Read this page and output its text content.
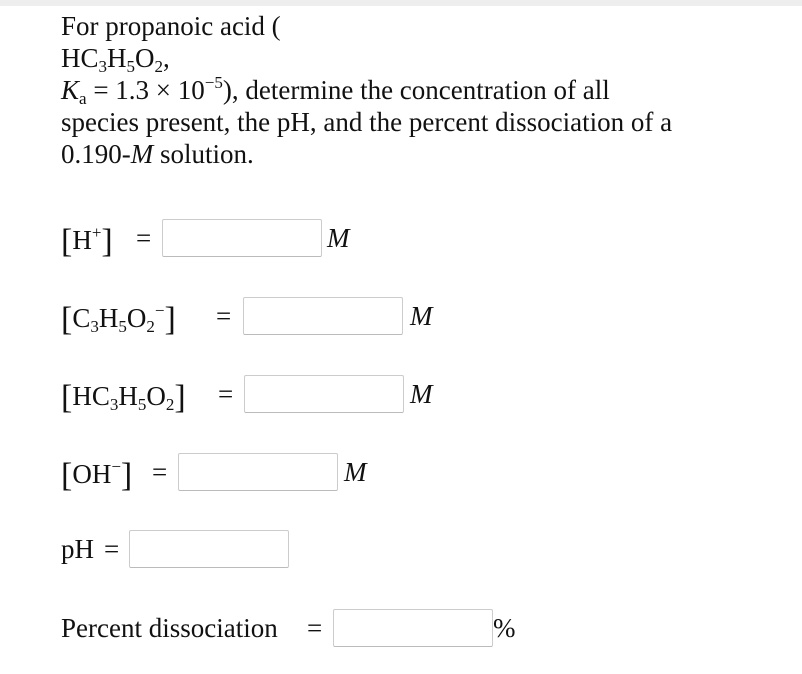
For propanoic acid (
$HC_3H_5O_2$,
$K_a = 1.3 \times 10^{-5}$), determine the concentration of all
species present, the pH, and the percent dissociation of a
0.190-M solution.
[H+] =	M
$[C_3H_5O_2^-]$ =	M
$[HC_3H_5O_2]$ =	M
[OH−] =	M
pH =
Percent dissociation =	%
